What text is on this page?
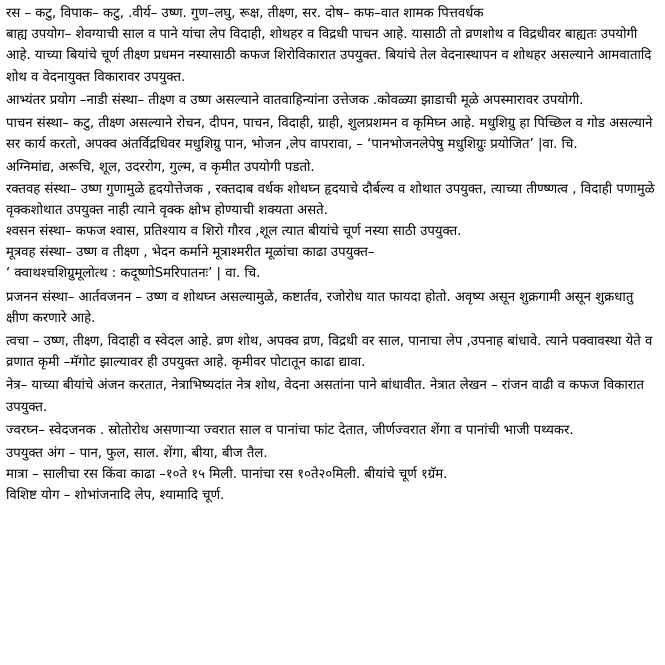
रस – कटु, विपाक– कटु, .वीर्य– उष्ण. गुण–लघु, रूक्ष, तीक्ष्ण, सर. दोष– कफ–वात शामक पित्तवर्धक

बाह्य उपयोग– शेवग्याची साल व पाने यांचा लेप विदाही, शोथहर व विद्रधी पाचन आहे. यासाठी तो व्रणशोथ व विद्रधीवर बाह्यतः उपयोगी आहे. याच्या बियांचे चूर्ण तीक्ष्ण प्रधमन नस्यासाठी कफज शिरोविकारात उपयुक्त. बियांचे तेल वेदनास्थापन व शोथहर असल्याने आमवातादि शोथ व वेदनायुक्त विकारावर उपयुक्त.

आभ्यंतर प्रयोग –नाडी संस्था– तीक्ष्ण व उष्ण असल्याने वातवाहिन्यांना उत्तेजक .कोवळ्या झाडाची मूळे अपस्मारावर उपयोगी.

पाचन संस्था– कटु, तीक्ष्ण असल्याने रोचन, दीपन, पाचन, विदाही, ग्राही, शुलप्रशमन व कृमिघ्न आहे. मधुशिग्रु हा पिच्छिल व गोड असल्याने सर कार्य करतो, अपक्व अंतर्विद्रधिवर मधुशिग्रु पान, भोजन ,लेप वापरावा, – ‘पानभोजनलेपेषु मधुशिग्रुः प्रयोजित’ |वा. चि.

अग्निमांद्य, अरूचि, शूल, उदररोग, गुल्म, व कृमीत उपयोगी पडतो.

रक्तवह संस्था– उष्ण गुणामुळे हृदयोत्तेजक , रक्तदाब वर्धक शोथघ्न हृदयाचे दौर्बल्य व शोथात उपयुक्त, त्याच्या तीण्ष्णत्व , विदाही पणामुळे वृक्कशोथात उपयुक्त नाही त्याने वृक्क क्षोभ होण्याची शक्यता असते.

श्वसन संस्था– कफज श्वास, प्रतिश्याय व शिरो गौरव ,शूल त्यात बीयांचे चूर्ण नस्या साठी उपयुक्त.

मूत्रवह संस्था– उष्ण व तीक्ष्ण , भेदन कर्माने मूत्राश्मरीत मूळांचा काढा उपयुक्त–

‘ क्वाथश्चशिग्रुमूलोत्थ : कदूष्णोSमरिपातनः’ | वा. चि.

प्रजनन संस्था– आर्तवजनन – उष्ण व शोथघ्न असल्यामुळे, कष्टार्तव, रजोरोध यात फायदा होतो. अवृष्य असून शुक्रगामी असून शुक्रधातु क्षीण करणारे आहे.

त्वचा – उष्ण, तीक्ष्ण, विदाही व स्वेदल आहे. व्रण शोथ, अपक्व व्रण, विद्रधी वर साल, पानाचा लेप ,उपनाह बांधावे. त्याने पक्वावस्था येते व व्रणात कृमी –मॅगोट झाल्यावर ही उपयुक्त आहे. कृमीवर पोटातून काढा द्यावा.

नेत्र– याच्या बीयांचे अंजन करतात, नेत्राभिष्यदांत नेत्र शोथ, वेदना असतांना पाने बांधावीत. नेत्रात लेखन – रांजन वाढी व कफज विकारात उपयुक्त.

ज्वरघ्न– स्वेदजनक . स्रोतोरोध असणाऱ्या ज्वरात साल व पानांचा फांट देतात, जीर्णज्वरात शेंगा व पानांची भाजी पथ्यकर.

उपयुक्त अंग – पान, फुल, साल. शेंगा, बीया, बीज तैल.

मात्रा – सालीचा रस किंवा काढा –१०ते १५ मिली. पानांचा रस १०ते२०मिली. बीयांचे चूर्ण १ग्रॅम.

विशिष्ट योग – शोभांजनादि लेप, श्यामादि चूर्ण.
